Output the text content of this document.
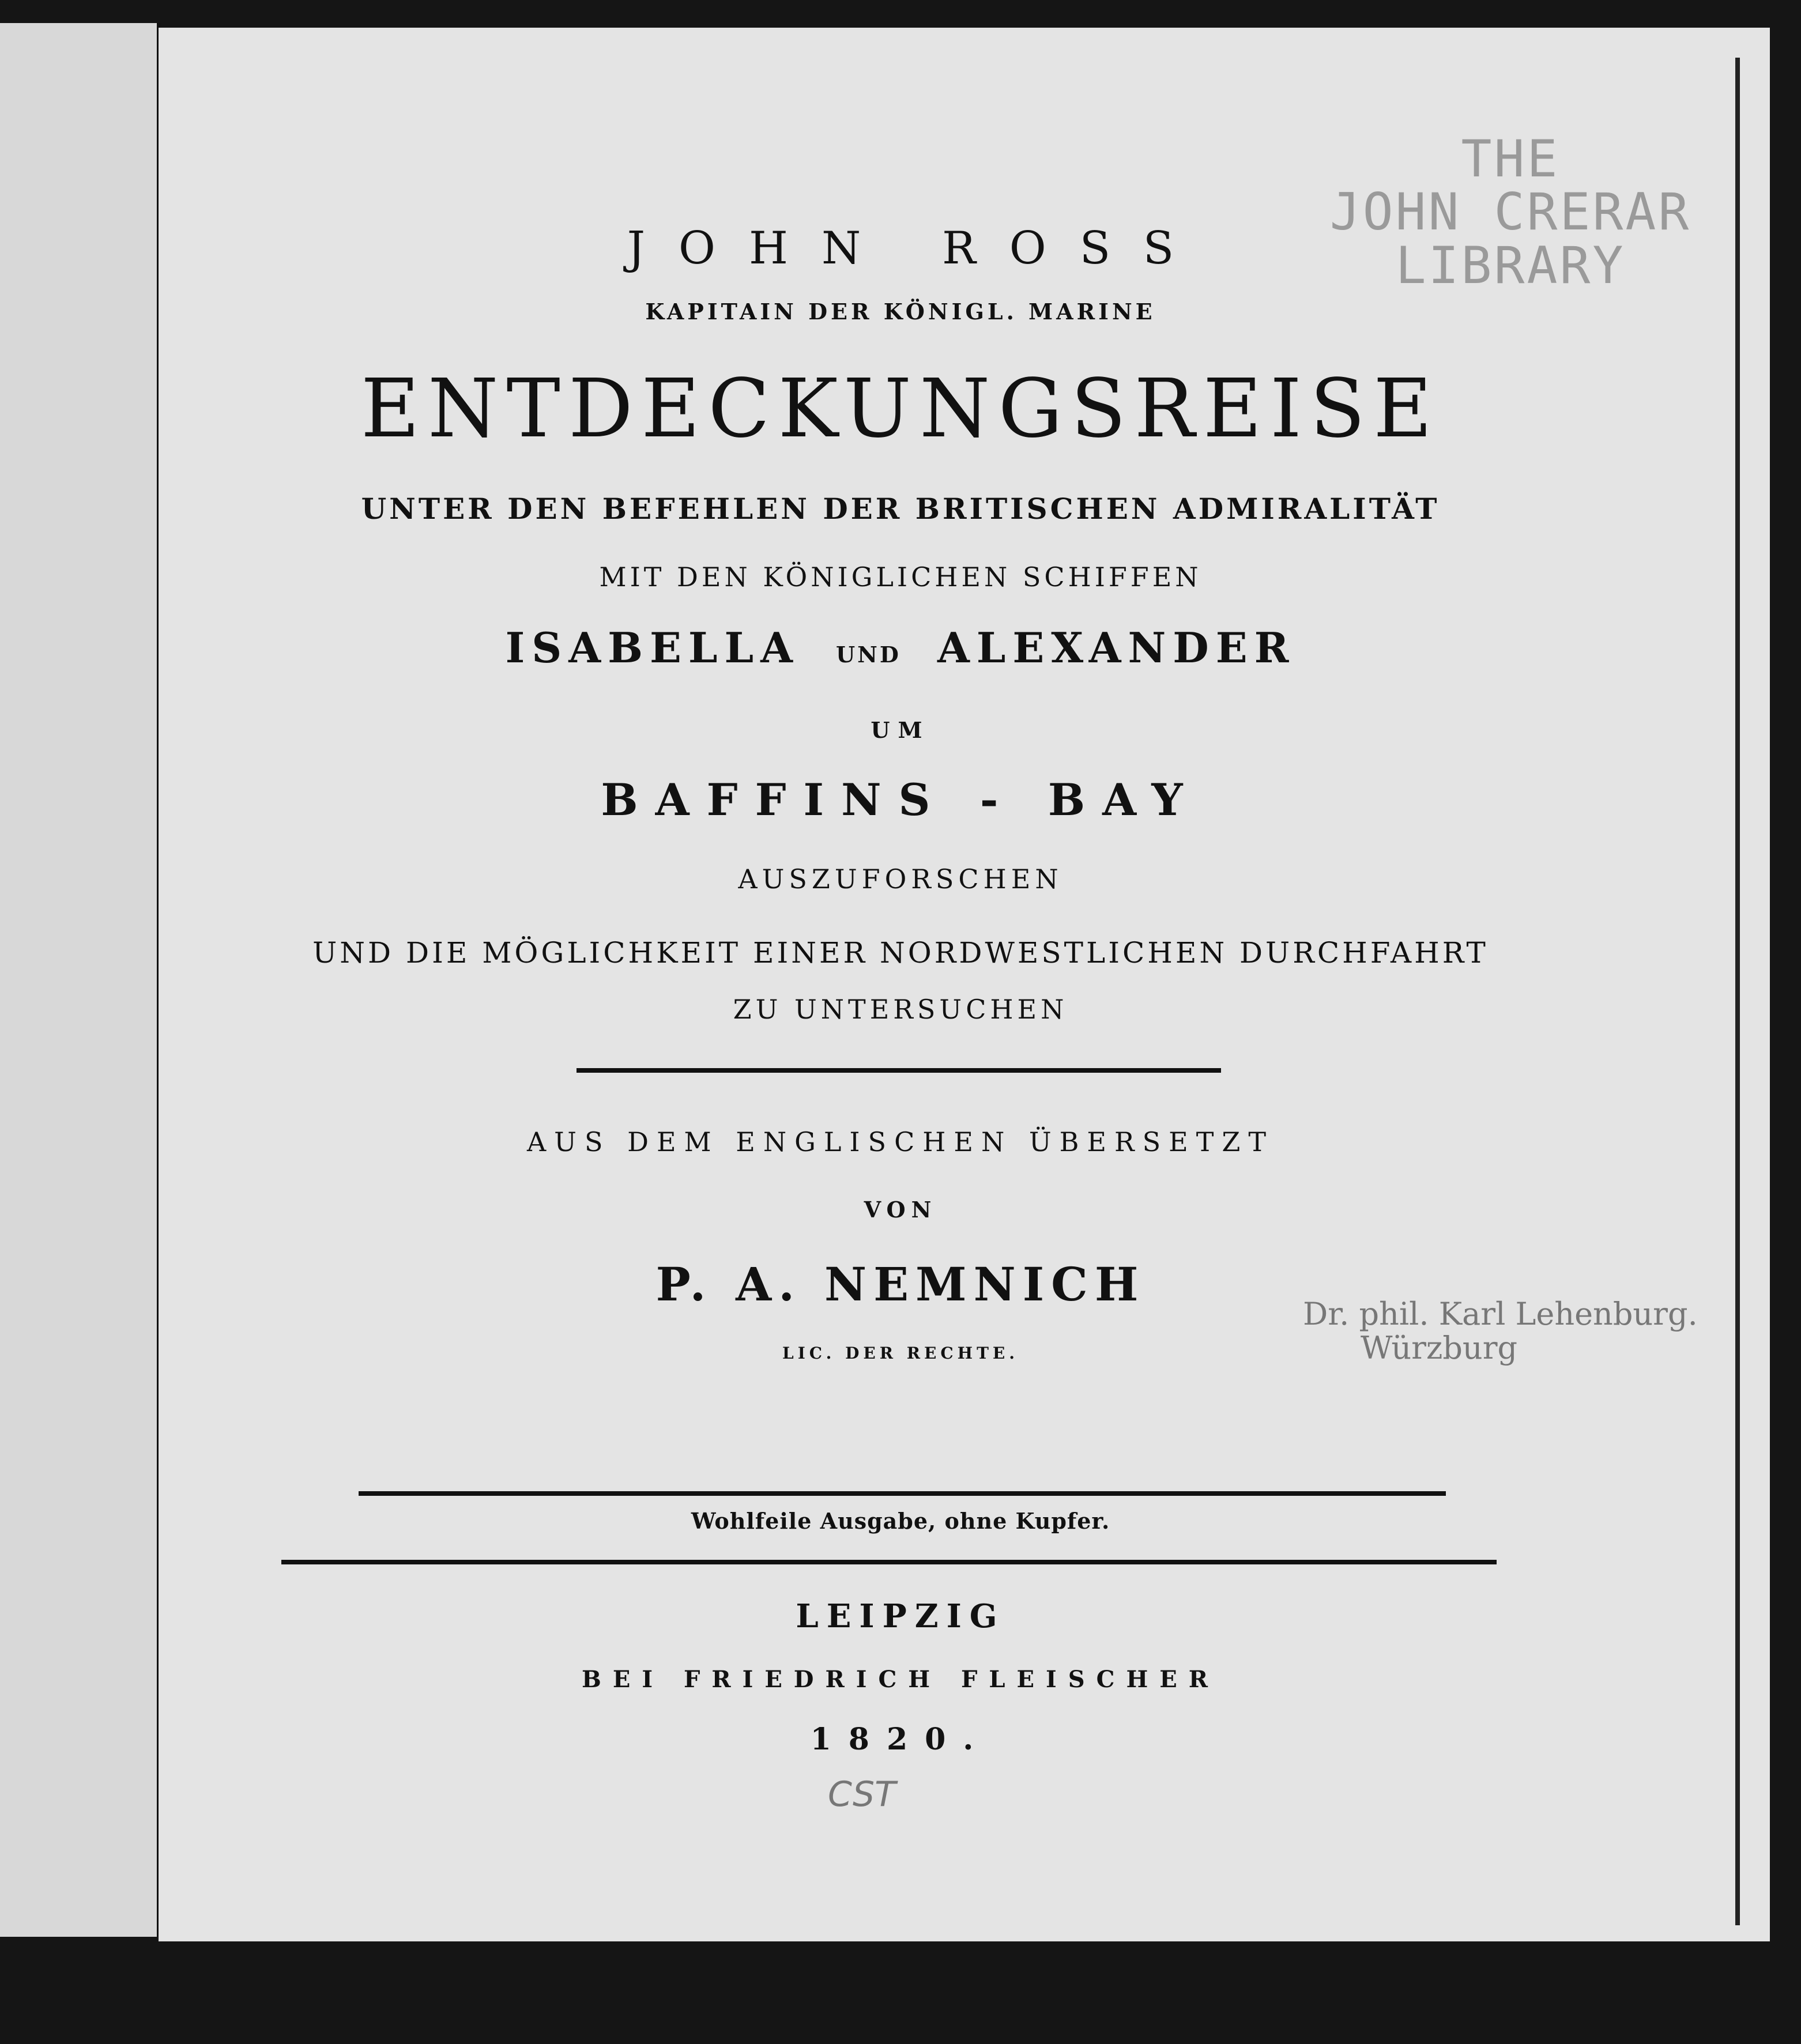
THE
JOHN CRERAR
LIBRARY
JOHN ROSS
KAPITAIN DER KÖNIGL. MARINE
ENTDECKUNGSREISE
UNTER DEN BEFEHLEN DER BRITISCHEN ADMIRALITÄT
MIT DEN KÖNIGLICHEN SCHIFFEN
ISABELLA UND ALEXANDER
UM
BAFFINS - BAY
AUSZUFORSCHEN
UND DIE MÖGLICHKEIT EINER NORDWESTLICHEN DURCHFAHRT
ZU UNTERSUCHEN
AUS DEM ENGLISCHEN ÜBERSETZT
VON
P. A. NEMNICH
LIC. DER RECHTE.
Dr. phil. Karl Lehenburg.
Würzburg
Wohlfeile Ausgabe, ohne Kupfer.
LEIPZIG
BEI FRIEDRICH FLEISCHER
1820.
CST
